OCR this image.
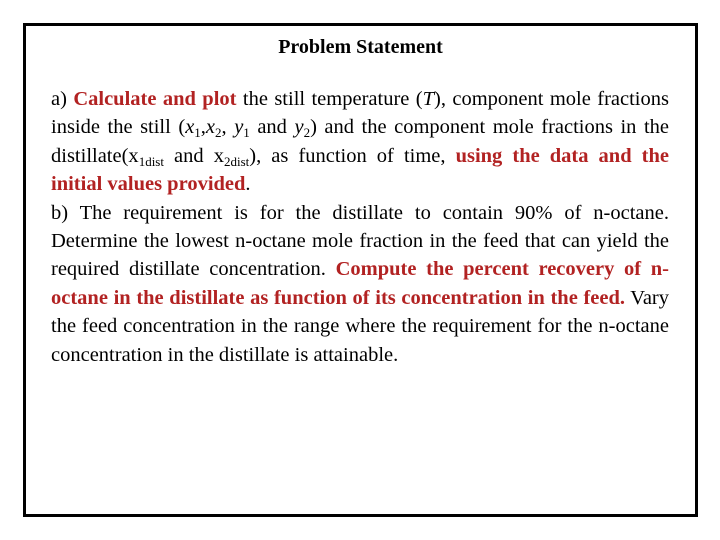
Problem Statement

a) Calculate and plot the still temperature (T), component mole fractions inside the still ($x_1,x_2$, $y_1$ and $y_2$) and the component mole fractions in the $distillate(x_{1dist}$ and $x_{2dist}$), as function of time, using the data and the initial values provided.

b) The requirement is for the distillate to contain 90% of n-octane. Determine the lowest n-octane mole fraction in the feed that can yield the required distillate concentration. Compute the percent recovery of n-octane in the distillate as function of its concentration in the feed. Vary the feed concentration in the range where the requirement for the n-octane concentration in the distillate is attainable.
